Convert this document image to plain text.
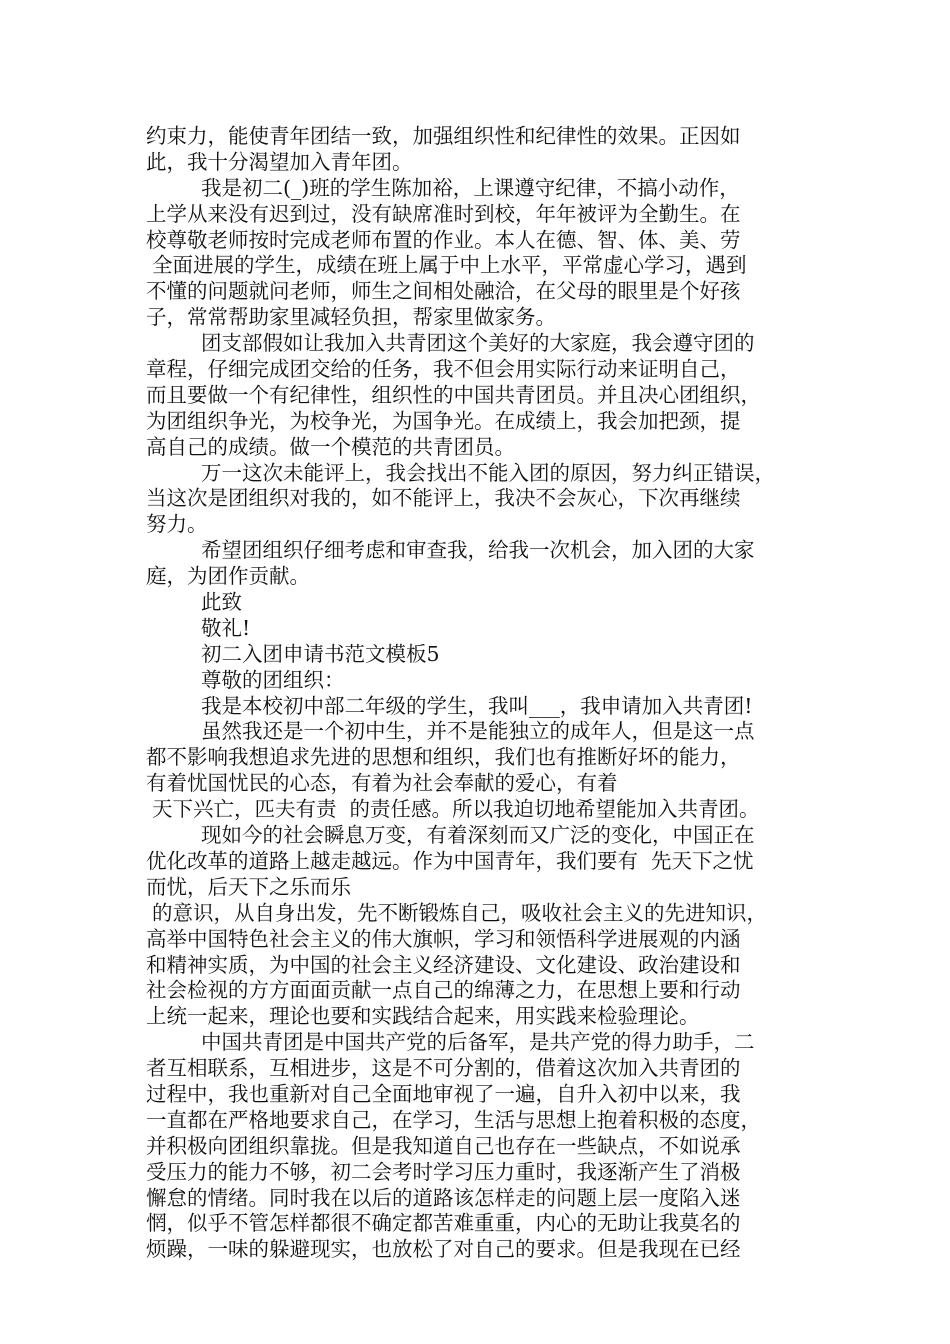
约束力，能使青年团结一致，加强组织性和纪律性的效果。正因如
此，我十分渴望加入青年团。
我是初二(_)班的学生陈加裕，上课遵守纪律，不搞小动作，
上学从来没有迟到过，没有缺席准时到校，年年被评为全勤生。在
校尊敬老师按时完成老师布置的作业。本人在德、智、体、美、劳
全面进展的学生，成绩在班上属于中上水平，平常虚心学习，遇到
不懂的问题就问老师，师生之间相处融洽，在父母的眼里是个好孩
子，常常帮助家里减轻负担，帮家里做家务。
团支部假如让我加入共青团这个美好的大家庭，我会遵守团的
章程，仔细完成团交给的任务，我不但会用实际行动来证明自己，
而且要做一个有纪律性，组织性的中国共青团员。并且决心团组织，
为团组织争光，为校争光，为国争光。在成绩上，我会加把颈，提
高自己的成绩。做一个模范的共青团员。
万一这次未能评上，我会找出不能入团的原因，努力纠正错误，
当这次是团组织对我的，如不能评上，我决不会灰心，下次再继续
努力。
希望团组织仔细考虑和审查我，给我一次机会，加入团的大家
庭，为团作贡献。
此致
敬礼!
初二入团申请书范文模板5
尊敬的团组织：
我是本校初中部二年级的学生，我叫___，我申请加入共青团!
虽然我还是一个初中生，并不是能独立的成年人，但是这一点
都不影响我想追求先进的思想和组织，我们也有推断好坏的能力，
有着忧国忧民的心态，有着为社会奉献的爱心，有着
天下兴亡，匹夫有责  的责任感。所以我迫切地希望能加入共青团。
现如今的社会瞬息万变，有着深刻而又广泛的变化，中国正在
优化改革的道路上越走越远。作为中国青年，我们要有  先天下之忧
而忧，后天下之乐而乐
的意识，从自身出发，先不断锻炼自己，吸收社会主义的先进知识，
高举中国特色社会主义的伟大旗帜，学习和领悟科学进展观的内涵
和精神实质，为中国的社会主义经济建设、文化建设、政治建设和
社会检视的方方面面贡献一点自己的绵薄之力，在思想上要和行动
上统一起来，理论也要和实践结合起来，用实践来检验理论。
中国共青团是中国共产党的后备军，是共产党的得力助手，二
者互相联系，互相进步，这是不可分割的，借着这次加入共青团的
过程中，我也重新对自己全面地审视了一遍，自升入初中以来，我
一直都在严格地要求自己，在学习，生活与思想上抱着积极的态度，
并积极向团组织靠拢。但是我知道自己也存在一些缺点，不如说承
受压力的能力不够，初二会考时学习压力重时，我逐渐产生了消极
懈怠的情绪。同时我在以后的道路该怎样走的问题上层一度陷入迷
惘，似乎不管怎样都很不确定都苦难重重，内心的无助让我莫名的
烦躁，一味的躲避现实，也放松了对自己的要求。但是我现在已经
